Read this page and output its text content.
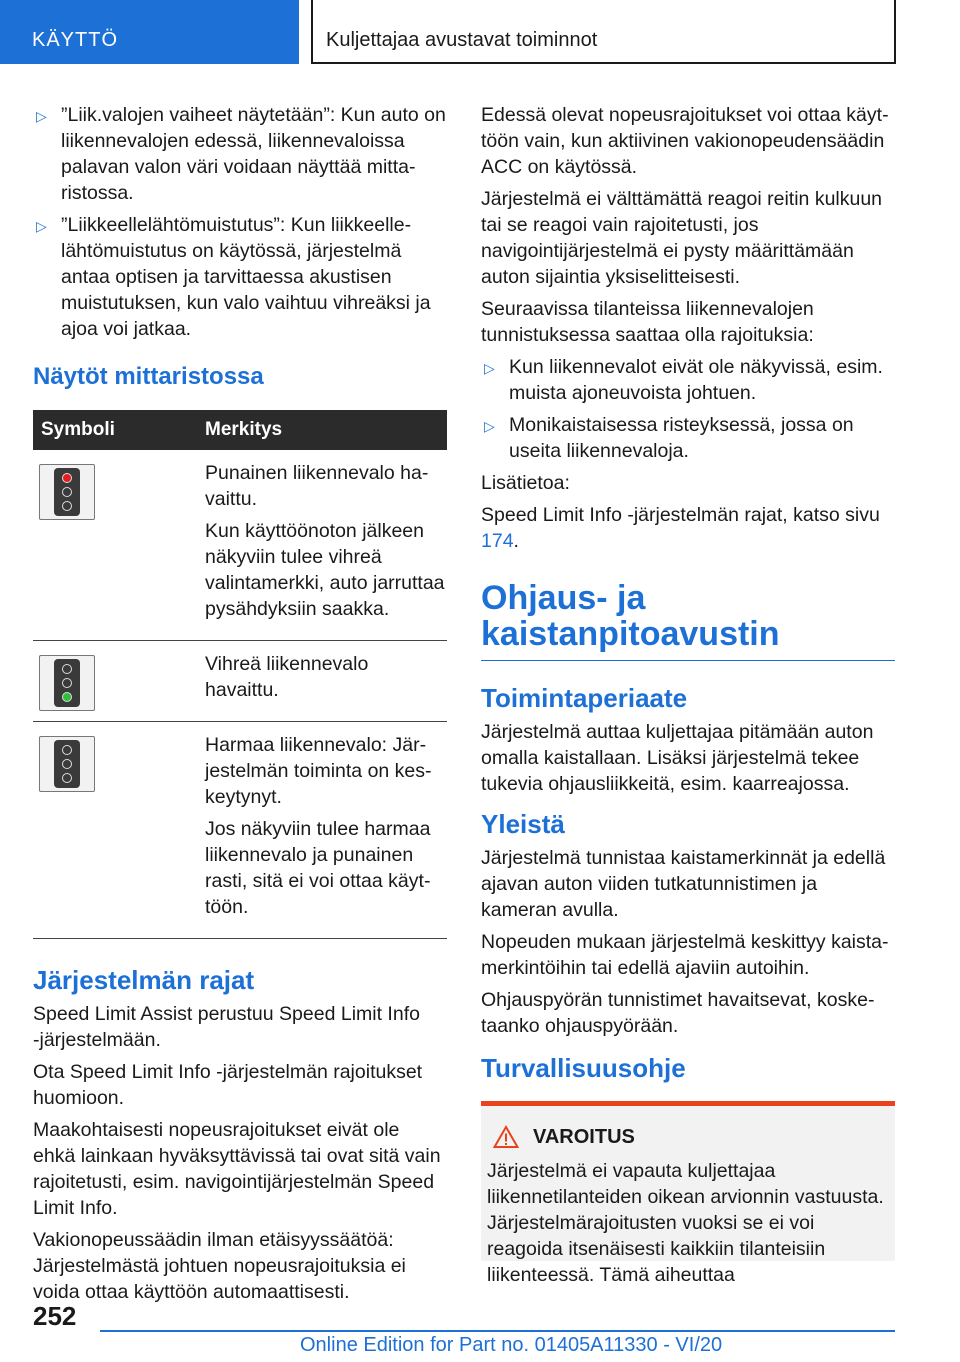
KÄYTTÖ	Kuljettajaa avustavat toiminnot
▷ ”Liik.valojen vaiheet näytetään”: Kun auto on liikennevalojen edessä, liikennevaloissa palavan valon väri voidaan näyttää mittaristossa.
▷ ”Liikkeellelähtömuistutus”: Kun liikkeellelähtömuistutus on käytössä, järjestelmä antaa optisen ja tarvittaessa akustisen muistutuksen, kun valo vaihtuu vihreäksi ja ajoa voi jatkaa.
Näytöt mittaristossa
Symboli	Merkitys
Punainen liikennevalo havaittu.
Kun käyttöönoton jälkeen näkyviin tulee vihreä valintamerkki, auto jarruttaa pysähdyksiin saakka.
Vihreä liikennevalo havaittu.
Harmaa liikennevalo: Järjestelmän toiminta on keskeytynyt.
Jos näkyviin tulee harmaa liikennevalo ja punainen rasti, sitä ei voi ottaa käyttöön.
Järjestelmän rajat
Speed Limit Assist perustuu Speed Limit Info ‑järjestelmään.
Ota Speed Limit Info ‑järjestelmän rajoitukset huomioon.
Maakohtaisesti nopeusrajoitukset eivät ole ehkä lainkaan hyväksyttävissä tai ovat sitä vain rajoitetusti, esim. navigointijärjestelmän Speed Limit Info.
Vakionopeussäädin ilman etäisyyssäätöä: Järjestelmästä johtuen nopeusrajoituksia ei voida ottaa käyttöön automaattisesti.
Edessä olevat nopeusrajoitukset voi ottaa käyttöön vain, kun aktiivinen vakionopeudensäädin ACC on käytössä.
Järjestelmä ei välttämättä reagoi reitin kulkuun tai se reagoi vain rajoitetusti, jos navigointijärjestelmä ei pysty määrittämään auton sijaintia yksiselitteisesti.
Seuraavissa tilanteissa liikennevalojen tunnistuksessa saattaa olla rajoituksia:
▷ Kun liikennevalot eivät ole näkyvissä, esim. muista ajoneuvoista johtuen.
▷ Monikaistaisessa risteyksessä, jossa on useita liikennevaloja.
Lisätietoa:
Speed Limit Info ‑järjestelmän rajat, katso sivu 174.
Ohjaus- ja kaistanpitoavustin
Toimintaperiaate
Järjestelmä auttaa kuljettajaa pitämään auton omalla kaistallaan. Lisäksi järjestelmä tekee tukevia ohjausliikkeitä, esim. kaarreajossa.
Yleistä
Järjestelmä tunnistaa kaistamerkinnät ja edellä ajavan auton viiden tutkatunnistimen ja kameran avulla.
Nopeuden mukaan järjestelmä keskittyy kaistamerkintöihin tai edellä ajaviin autoihin.
Ohjauspyörän tunnistimet havaitsevat, kosketaanko ohjauspyörään.
Turvallisuusohje
VAROITUS
Järjestelmä ei vapauta kuljettajaa liikennetilanteiden oikean arvionnin vastuusta. Järjestelmärajoitusten vuoksi se ei voi reagoida itsenäisesti kaikkiin tilanteisiin liikenteessä. Tämä aiheuttaa
252
Online Edition for Part no. 01405A11330 - VI/20
